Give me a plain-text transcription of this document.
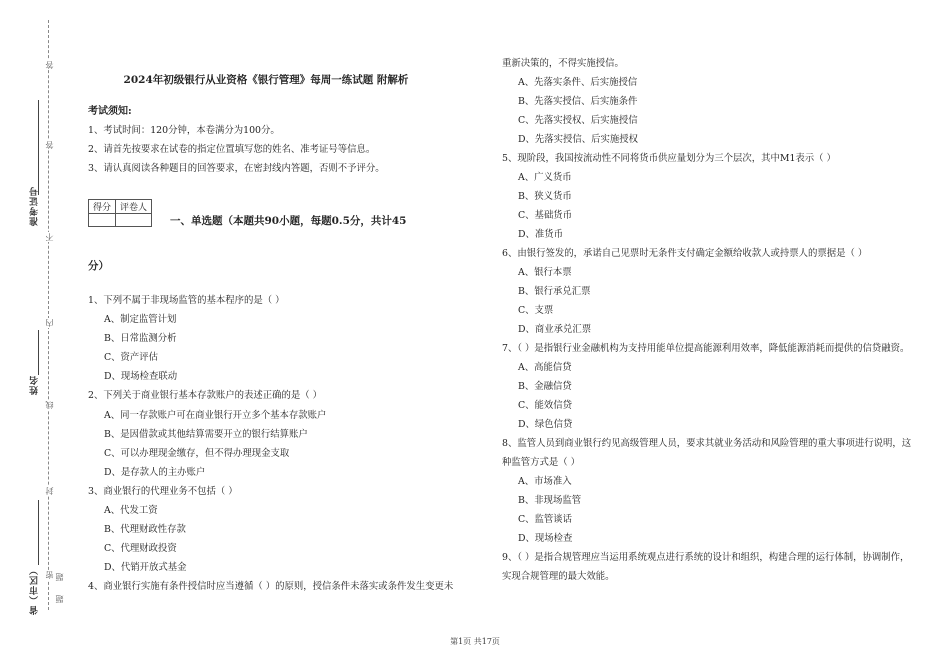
答
答
准考证号
不
内
姓名
线
封
省（市区） 密 题
题
2024年初级银行从业资格《银行管理》每周一练试题 附解析
考试须知:

1、考试时间：120分钟，本卷满分为100分。

2、请首先按要求在试卷的指定位置填写您的姓名、准考证号等信息。

3、请认真阅读各种题目的回答要求，在密封线内答题，否则不予评分。

得分	评卷人

一、单选题（本题共90小题，每题0.5分，共计45
分）

1、下列不属于非现场监管的基本程序的是（ ）

A、制定监管计划

B、日常监测分析

C、资产评估

D、现场检查联动

2、下列关于商业银行基本存款账户的表述正确的是（ ）

A、同一存款账户可在商业银行开立多个基本存款账户

B、是因借款或其他结算需要开立的银行结算账户

C、可以办理现金缴存，但不得办理现金支取

D、是存款人的主办账户

3、商业银行的代理业务不包括（ ）

A、代发工资

B、代理财政性存款

C、代理财政投资

D、代销开放式基金

4、商业银行实施有条件授信时应当遵循（ ）的原则，授信条件未落实或条件发生变更未

重新决策的，不得实施授信。

A、先落实条件、后实施授信

B、先落实授信、后实施条件

C、先落实授权、后实施授信

D、先落实授信、后实施授权

5、现阶段，我国按流动性不同将货币供应量划分为三个层次，其中M1表示（ ）

A、广义货币

B、狭义货币

C、基础货币

D、准货币

6、由银行签发的，承诺自己见票时无条件支付确定金额给收款人或持票人的票据是（ ）

A、银行本票

B、银行承兑汇票

C、支票

D、商业承兑汇票

7、（ ）是指银行业金融机构为支持用能单位提高能源利用效率，降低能源消耗而提供的信贷融资。

A、高能信贷

B、金融信贷

C、能效信贷

D、绿色信贷

8、监管人员到商业银行约见高级管理人员，要求其就业务活动和风险管理的重大事项进行说明，这种监管方式是（ ）

A、市场准入

B、非现场监管

C、监管谈话

D、现场检查

9、（ ）是指合规管理应当运用系统观点进行系统的设计和组织，构建合理的运行体制，协调制作，实现合规管理的最大效能。

第1页 共17页
